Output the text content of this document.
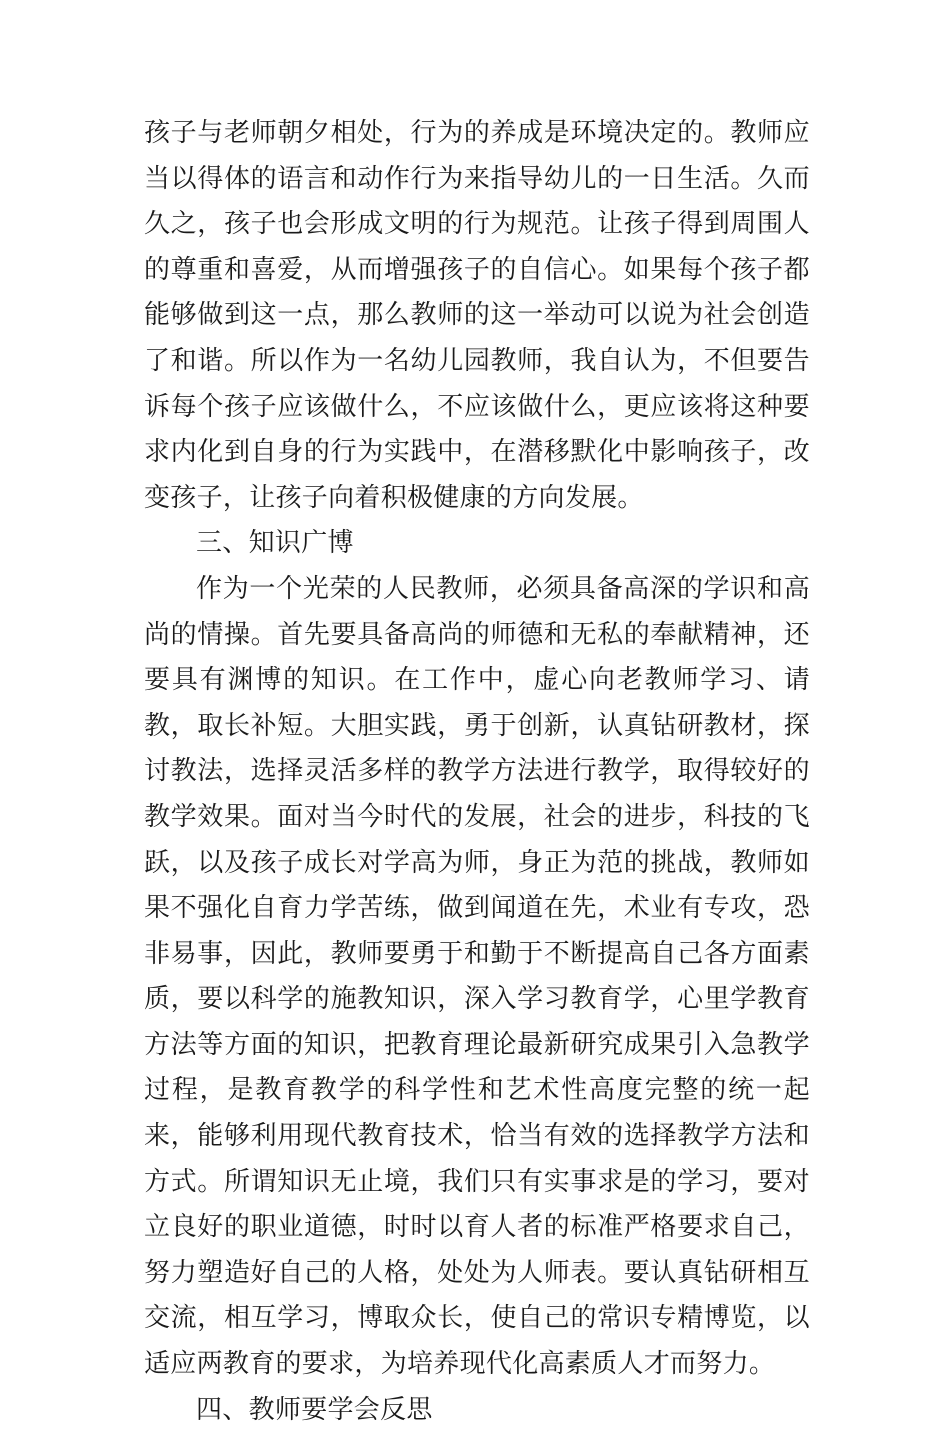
孩子与老师朝夕相处，行为的养成是环境决定的。教师应当以得体的语言和动作行为来指导幼儿的一日生活。久而久之，孩子也会形成文明的行为规范。让孩子得到周围人的尊重和喜爱，从而增强孩子的自信心。如果每个孩子都能够做到这一点，那么教师的这一举动可以说为社会创造了和谐。所以作为一名幼儿园教师，我自认为，不但要告诉每个孩子应该做什么，不应该做什么，更应该将这种要求内化到自身的行为实践中，在潜移默化中影响孩子，改变孩子，让孩子向着积极健康的方向发展。

三、知识广博

作为一个光荣的人民教师，必须具备高深的学识和高尚的情操。首先要具备高尚的师德和无私的奉献精神，还要具有渊博的知识。在工作中，虚心向老教师学习、请教，取长补短。大胆实践，勇于创新，认真钻研教材，探讨教法，选择灵活多样的教学方法进行教学，取得较好的教学效果。面对当今时代的发展，社会的进步，科技的飞跃，以及孩子成长对学高为师，身正为范的挑战，教师如果不强化自育力学苦练，做到闻道在先，术业有专攻，恐非易事，因此，教师要勇于和勤于不断提高自己各方面素质，要以科学的施教知识，深入学习教育学，心里学教育方法等方面的知识，把教育理论最新研究成果引入急教学过程，是教育教学的科学性和艺术性高度完整的统一起来，能够利用现代教育技术，恰当有效的选择教学方法和方式。所谓知识无止境，我们只有实事求是的学习，要对立良好的职业道德，时时以育人者的标准严格要求自己，努力塑造好自己的人格，处处为人师表。要认真钻研相互交流，相互学习，博取众长，使自己的常识专精博览，以适应两教育的要求，为培养现代化高素质人才而努力。

四、教师要学会反思
